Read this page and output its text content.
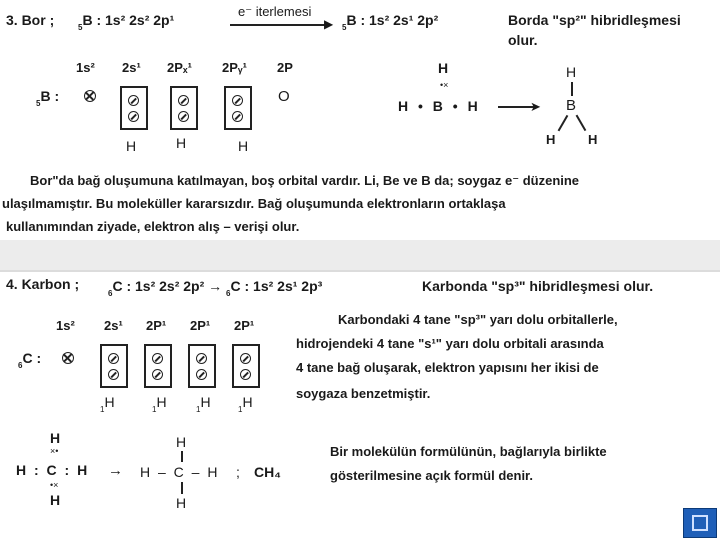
3. Bor ;	$_5$B : 1s² 2s² 2p¹
e⁻ iterlemesi
▶ $_5$B : 1s² 2s¹ 2p²	Borda "sp²" hibridleşmesi
olur.
1s² 2s¹ 2Pₓ¹ 2Pᵧ¹ 2P
$_5$B :	O
H	H	H
H
•×
H • B • H	➤
H
B
H	H
Bor"da bağ oluşumuna katılmayan, boş orbital vardır. Li, Be ve B da; soygaz e⁻ düzenine
ulaşılmamıştır. Bu moleküller kararsızdır. Bağ oluşumunda elektronların ortaklaşa
kullanımından ziyade, elektron alış – verişi olur.
4. Karbon ;
$_6$C : 1s² 2s² 2p² → $_6$C : 1s² 2s¹ 2p³	Karbonda "sp³" hibridleşmesi olur.
1s² 2s¹ 2P¹ 2P¹ 2P¹
$_6$C :
$_1$H	$_1$H	$_1$H	$_1$H
Karbondaki 4 tane "sp³" yarı dolu orbitallerle,
hidrojendeki 4 tane "s¹" yarı dolu orbitali arasında
4 tane bağ oluşarak, elektron yapısını her ikisi de
soygaza benzetmiştir.
H
×•
H : C : H
•×
H
→
H
H – C – H
H
; CH₄
Bir molekülün formülünün, bağlarıyla birlikte
gösterilmesine açık formül denir.
